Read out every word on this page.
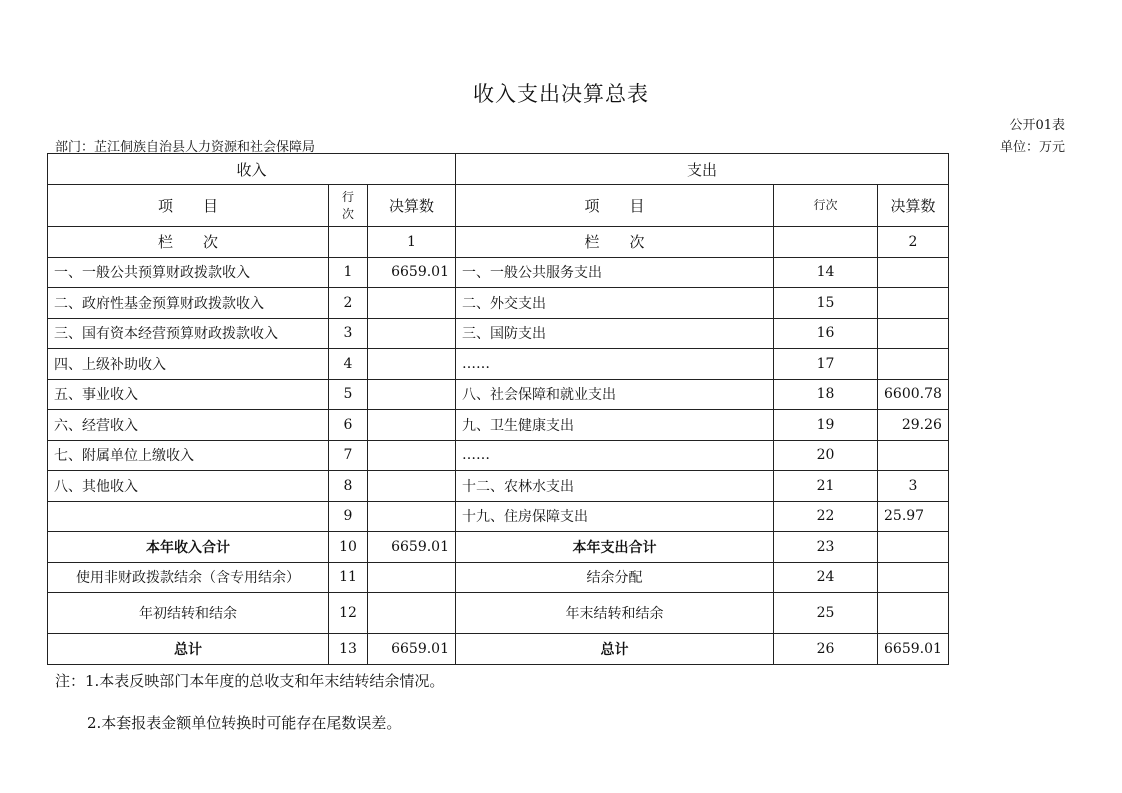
收入支出决算总表
公开01表
部门：芷江侗族自治县人力资源和社会保障局	单位：万元
收入			支出		
项　　目	行次	决算数	项　　目	行次	决算数
栏　　次		1	栏　　次		2
一、一般公共预算财政拨款收入	1	6659.01	一、一般公共服务支出	14	
二、政府性基金预算财政拨款收入	2		二、外交支出	15	
三、国有资本经营预算财政拨款收入	3		三、国防支出	16	
四、上级补助收入	4		……	17	
五、事业收入	5		八、社会保障和就业支出	18	6600.78
六、经营收入	6		九、卫生健康支出	19	29.26
七、附属单位上缴收入	7		……	20	
八、其他收入	8		十二、农林水支出	21	3
	9		十九、住房保障支出	22	25.97
本年收入合计	10	6659.01	本年支出合计	23	
使用非财政拨款结余（含专用结余）	11		结余分配	24	
年初结转和结余	12		年末结转和结余	25	
总计	13	6659.01	总计	26	6659.01
注：1.本表反映部门本年度的总收支和年末结转结余情况。
2.本套报表金额单位转换时可能存在尾数误差。
